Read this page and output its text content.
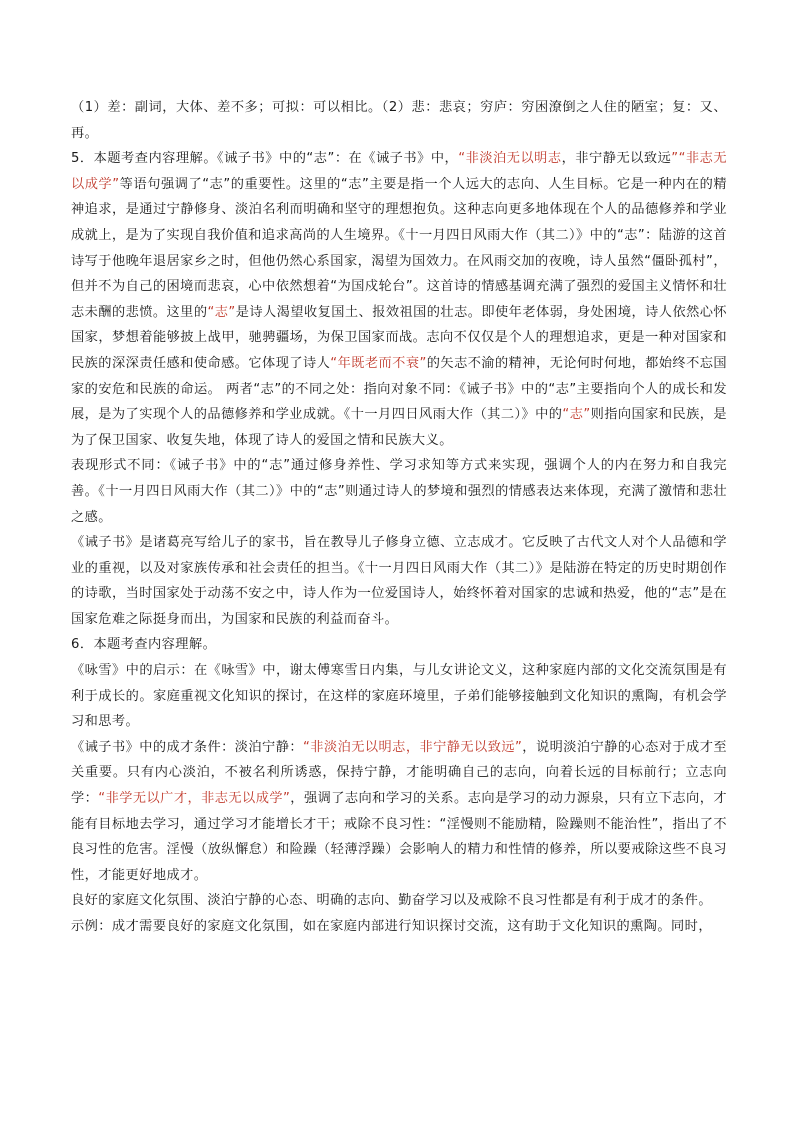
（1）差：副词，大体、差不多；可拟：可以相比。（2）悲：悲哀；穷庐：穷困潦倒之人住的陋室；复：又、再。

5．本题考查内容理解。《诫子书》中的“志”：在《诫子书》中，“非淡泊无以明志，非宁静无以致远”“非志无以成学”等语句强调了“志”的重要性。这里的“志”主要是指一个人远大的志向、人生目标。它是一种内在的精神追求，是通过宁静修身、淡泊名利而明确和坚守的理想抱负。这种志向更多地体现在个人的品德修养和学业成就上，是为了实现自我价值和追求高尚的人生境界。《十一月四日风雨大作（其二）》中的“志”：陆游的这首诗写于他晚年退居家乡之时，但他仍然心系国家，渴望为国效力。在风雨交加的夜晚，诗人虽然“僵卧孤村”，但并不为自己的困境而悲哀，心中依然想着“为国戍轮台”。这首诗的情感基调充满了强烈的爱国主义情怀和壮志未酬的悲愤。这里的“志”是诗人渴望收复国土、报效祖国的壮志。即使年老体弱，身处困境，诗人依然心怀国家，梦想着能够披上战甲，驰骋疆场，为保卫国家而战。志向不仅仅是个人的理想追求，更是一种对国家和民族的深深责任感和使命感。它体现了诗人“年既老而不衰”的矢志不渝的精神，无论何时何地，都始终不忘国家的安危和民族的命运。 两者“志”的不同之处：指向对象不同：《诫子书》中的“志”主要指向个人的成长和发展，是为了实现个人的品德修养和学业成就。《十一月四日风雨大作（其二）》中的“志”则指向国家和民族，是为了保卫国家、收复失地，体现了诗人的爱国之情和民族大义。

表现形式不同：《诫子书》中的“志”通过修身养性、学习求知等方式来实现，强调个人的内在努力和自我完善。《十一月四日风雨大作（其二）》中的“志”则通过诗人的梦境和强烈的情感表达来体现，充满了激情和悲壮之感。

《诫子书》是诸葛亮写给儿子的家书，旨在教导儿子修身立德、立志成才。它反映了古代文人对个人品德和学业的重视，以及对家族传承和社会责任的担当。《十一月四日风雨大作（其二）》是陆游在特定的历史时期创作的诗歌，当时国家处于动荡不安之中，诗人作为一位爱国诗人，始终怀着对国家的忠诚和热爱，他的“志”是在国家危难之际挺身而出，为国家和民族的利益而奋斗。

6．本题考查内容理解。

《咏雪》中的启示：在《咏雪》中，谢太傅寒雪日内集，与儿女讲论文义，这种家庭内部的文化交流氛围是有利于成长的。家庭重视文化知识的探讨，在这样的家庭环境里，子弟们能够接触到文化知识的熏陶，有机会学习和思考。

《诫子书》中的成才条件：淡泊宁静：“非淡泊无以明志，非宁静无以致远”，说明淡泊宁静的心态对于成才至关重要。只有内心淡泊，不被名利所诱惑，保持宁静，才能明确自己的志向，向着长远的目标前行；立志向学：“非学无以广才，非志无以成学”，强调了志向和学习的关系。志向是学习的动力源泉，只有立下志向，才能有目标地去学习，通过学习才能增长才干；戒除不良习性：“淫慢则不能励精，险躁则不能治性”，指出了不良习性的危害。淫慢（放纵懈怠）和险躁（轻薄浮躁）会影响人的精力和性情的修养，所以要戒除这些不良习性，才能更好地成才。

良好的家庭文化氛围、淡泊宁静的心态、明确的志向、勤奋学习以及戒除不良习性都是有利于成才的条件。

示例：成才需要良好的家庭文化氛围，如在家庭内部进行知识探讨交流，这有助于文化知识的熏陶。同时，
